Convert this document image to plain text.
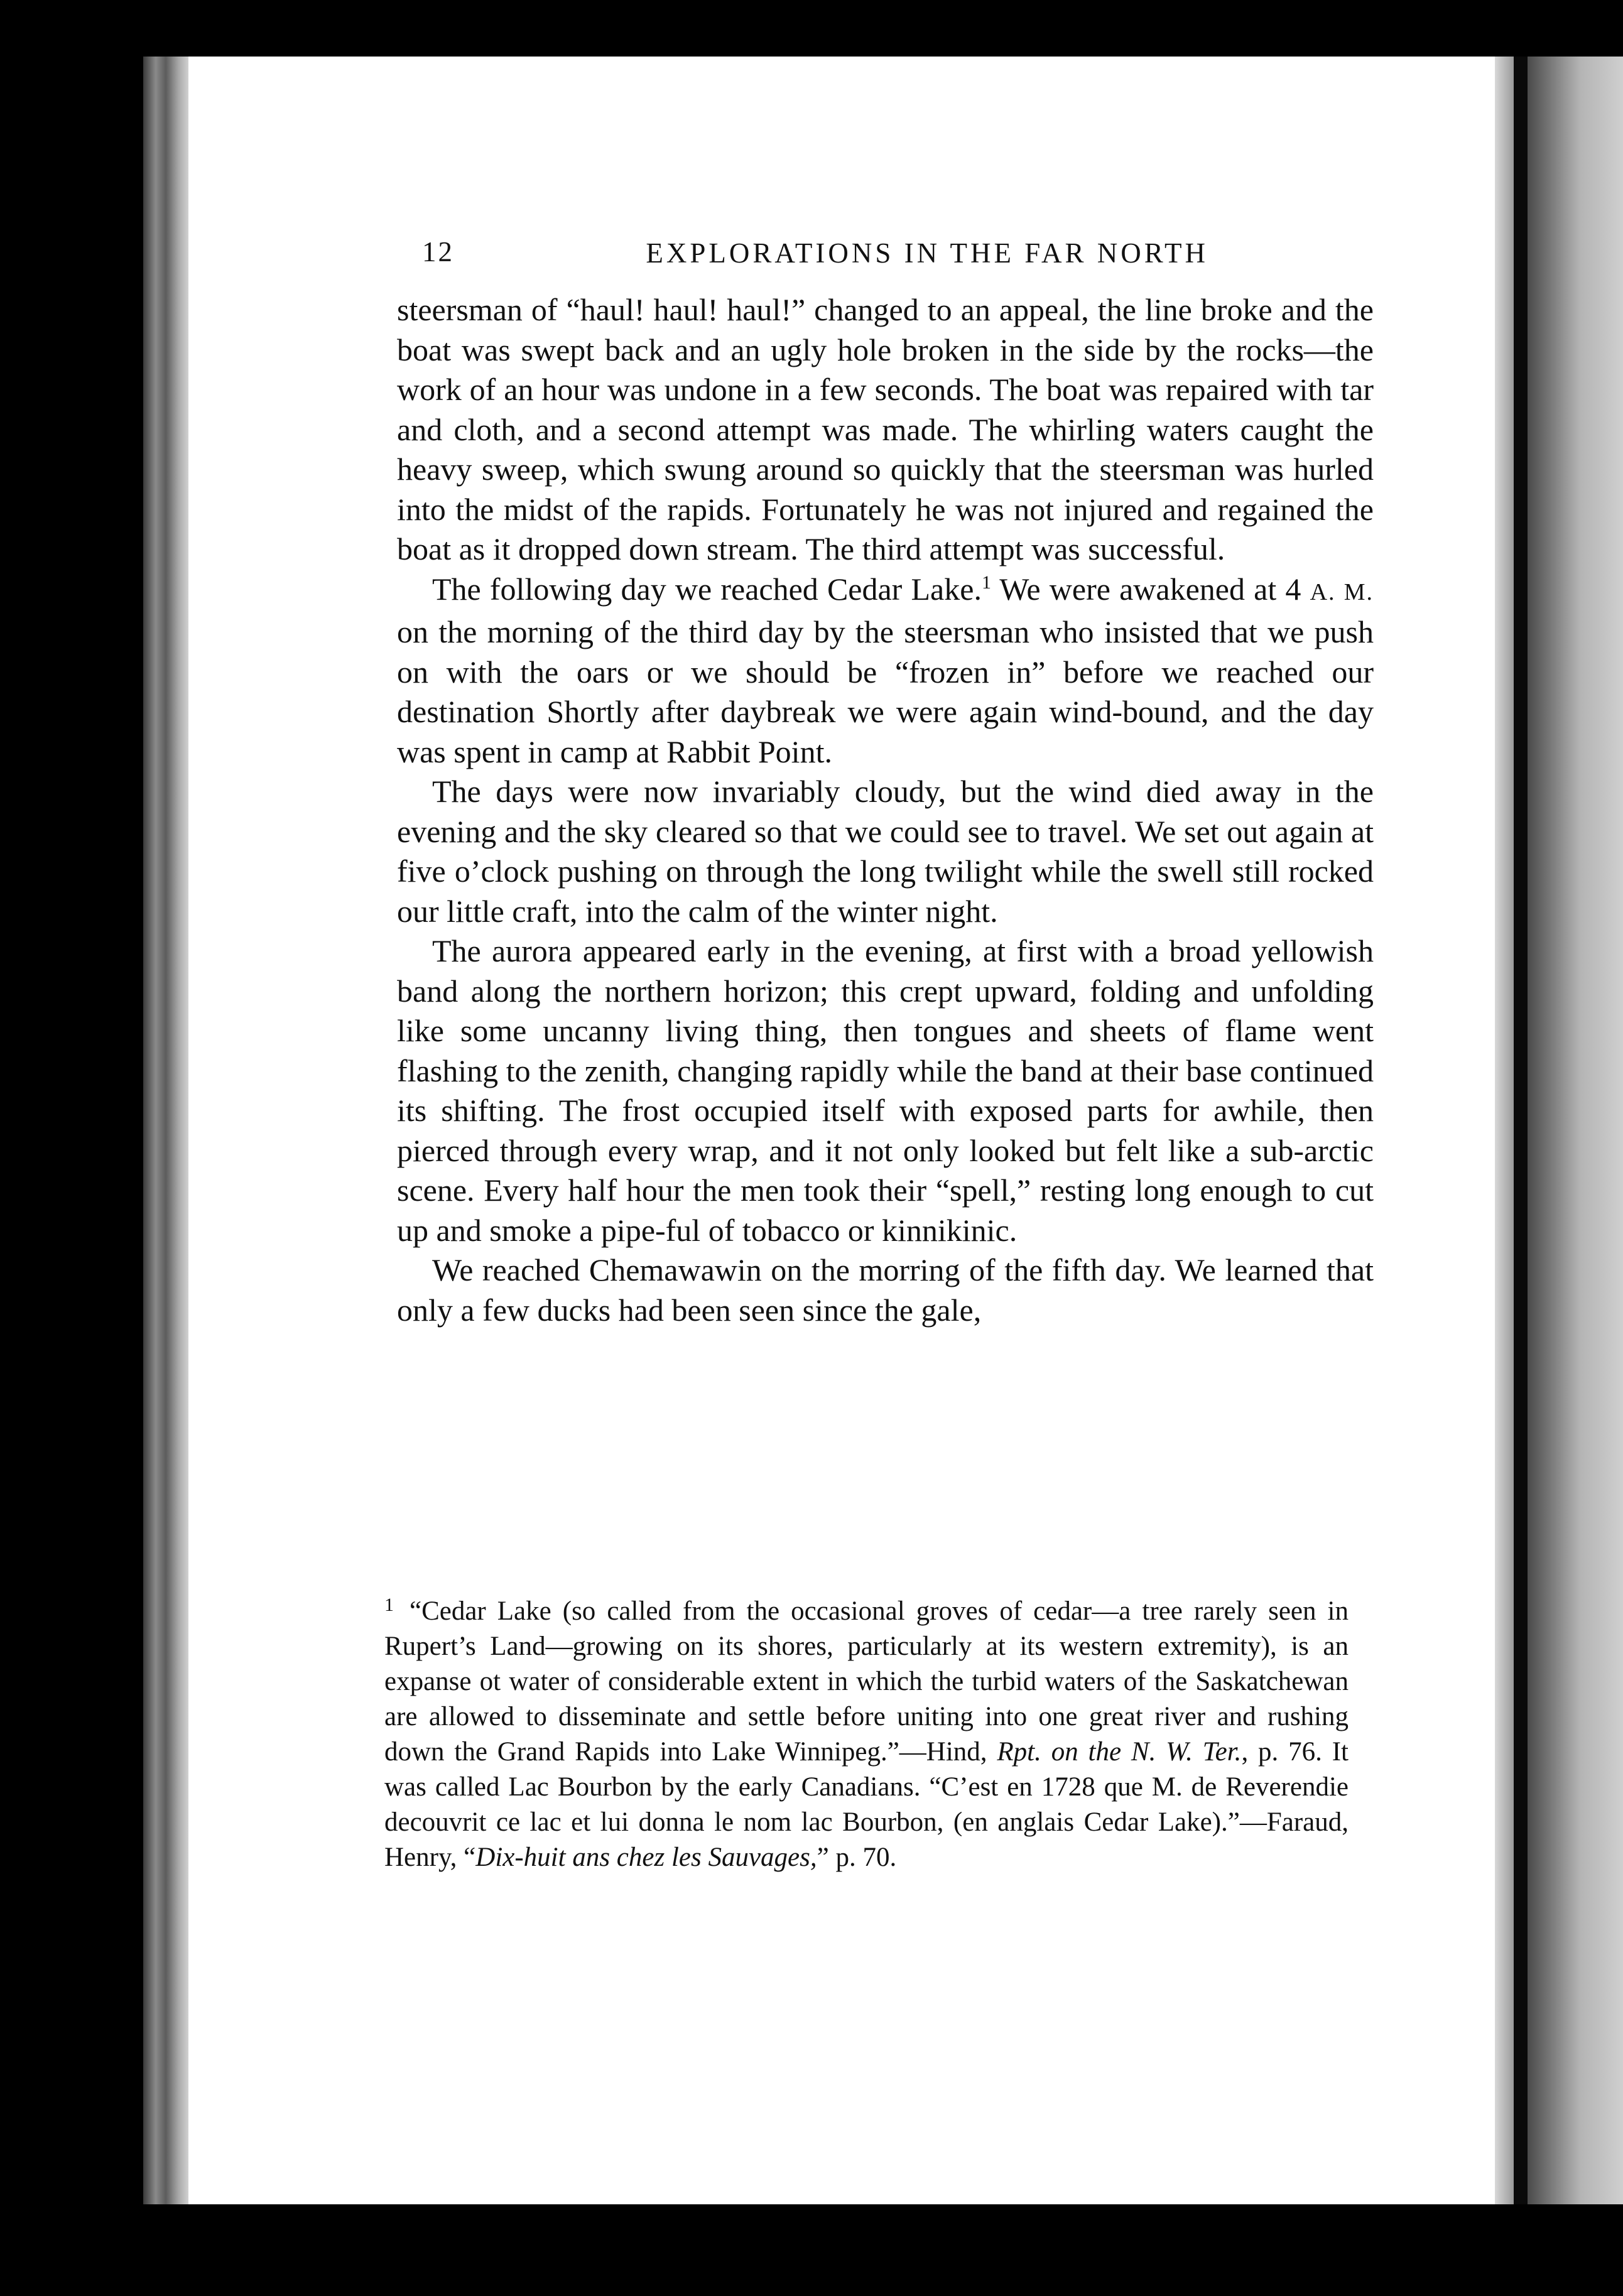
12	EXPLORATIONS IN THE FAR NORTH

steersman of “haul! haul! haul!” changed to an appeal, the line broke and the boat was swept back and an ugly hole broken in the side by the rocks—the work of an hour was undone in a few seconds. The boat was repaired with tar and cloth, and a second attempt was made. The whirling waters caught the heavy sweep, which swung around so quickly that the steersman was hurled into the midst of the rapids. Fortunately he was not injured and regained the boat as it dropped down stream. The third attempt was successful.

The following day we reached Cedar Lake.$^1$ We were awakened at 4 A. M. on the morning of the third day by the steersman who insisted that we push on with the oars or we should be “frozen in” before we reached our destination Shortly after daybreak we were again wind-bound, and the day was spent in camp at Rabbit Point.

The days were now invariably cloudy, but the wind died away in the evening and the sky cleared so that we could see to travel. We set out again at five o’clock pushing on through the long twilight while the swell still rocked our little craft, into the calm of the winter night.

The aurora appeared early in the evening, at first with a broad yellowish band along the northern horizon; this crept upward, folding and unfolding like some uncanny living thing, then tongues and sheets of flame went flashing to the zenith, changing rapidly while the band at their base continued its shifting. The frost occupied itself with exposed parts for awhile, then pierced through every wrap, and it not only looked but felt like a sub-arctic scene. Every half hour the men took their “spell,” resting long enough to cut up and smoke a pipe-ful of tobacco or kinnikinic.

We reached Chemawawin on the morring of the fifth day. We learned that only a few ducks had been seen since the gale,

1 “Cedar Lake (so called from the occasional groves of cedar—a tree rarely seen in Rupert’s Land—growing on its shores, particularly at its western extremity), is an expanse ot water of considerable extent in which the turbid waters of the Saskatchewan are allowed to disseminate and settle before uniting into one great river and rushing down the Grand Rapids into Lake Winnipeg.”—Hind, Rpt. on the N. W. Ter., p. 76. It was called Lac Bourbon by the early Canadians. “C’est en 1728 que M. de Reverendie decouvrit ce lac et lui donna le nom lac Bourbon, (en anglais Cedar Lake).”—Faraud, Henry, “Dix-huit ans chez les Sauvages,” p. 70.
